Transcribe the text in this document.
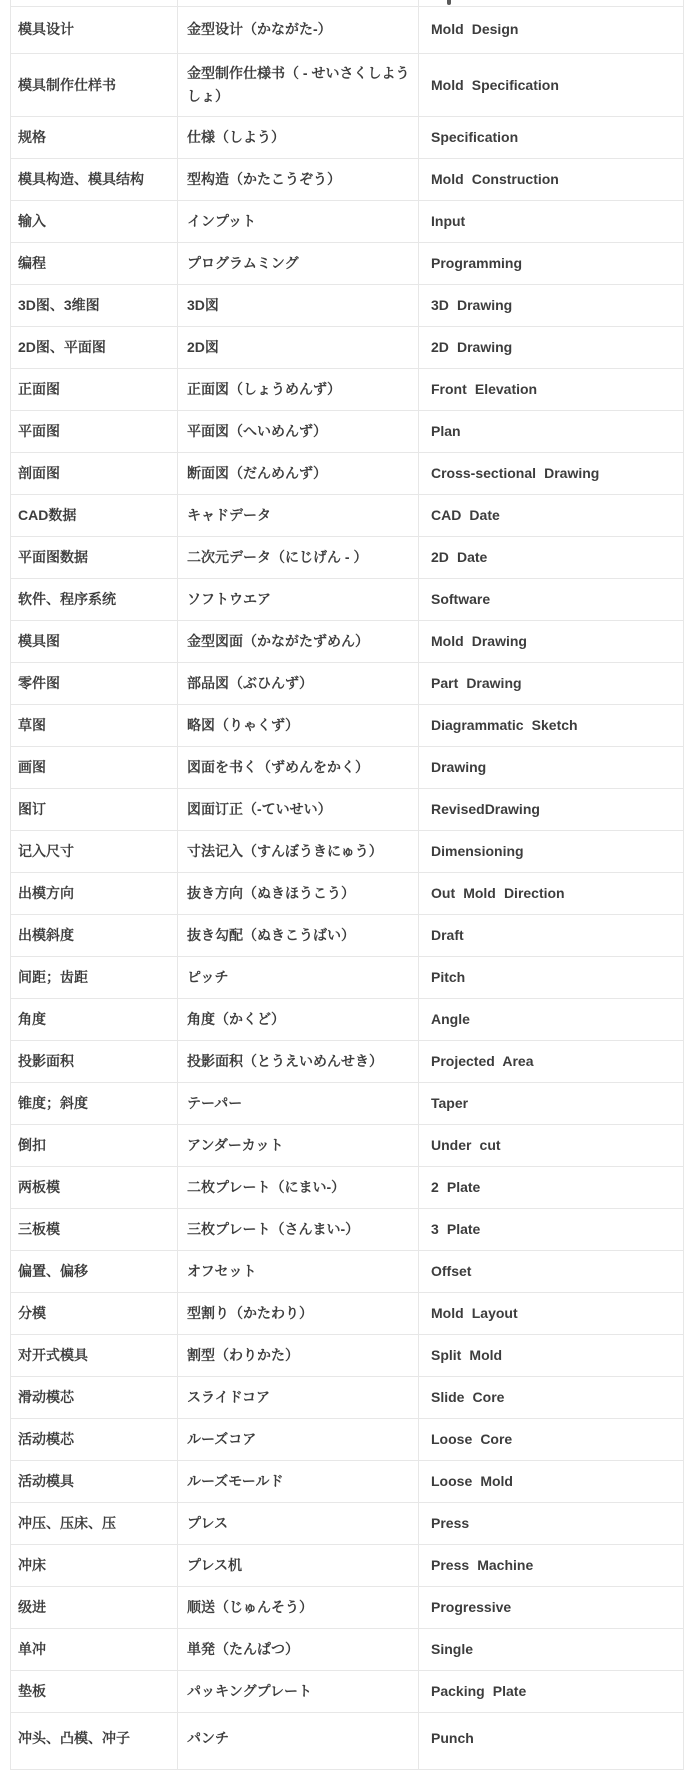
模具设计	金型设计（かながた-）	Mold Design
模具制作仕样书	金型制作仕様书（ - せいさくしようしょ）	Mold Specification
规格	仕様（しよう）	Specification
模具构造、模具结构	型构造（かたこうぞう）	Mold Construction
输入	インプット	Input
编程	プログラムミング	Programming
3D图、3维图	3D図	3D Drawing
2D图、平面图	2D図	2D Drawing
正面图	正面図（しょうめんず）	Front Elevation
平面图	平面図（へいめんず）	Plan
剖面图	断面図（だんめんず）	Cross-sectional Drawing
CAD数据	キャドデータ	CAD Date
平面图数据	二次元データ（にじげん - ）	2D Date
软件、程序系统	ソフトウエア	Software
模具图	金型図面（かながたずめん）	Mold Drawing
零件图	部品図（ぶひんず）	Part Drawing
草图	略図（りゃくず）	Diagrammatic Sketch
画图	図面を书く（ずめんをかく）	Drawing
图订	図面订正（-ていせい）	RevisedDrawing
记入尺寸	寸法记入（すんぼうきにゅう）	Dimensioning
出模方向	抜き方向（ぬきほうこう）	Out Mold Direction
出模斜度	抜き勾配（ぬきこうばい）	Draft
间距；齿距	ピッチ	Pitch
角度	角度（かくど）	Angle
投影面积	投影面积（とうえいめんせき）	Projected Area
锥度；斜度	テーパー	Taper
倒扣	アンダーカット	Under cut
两板模	二枚プレート（にまい-）	2 Plate
三板模	三枚プレート（さんまい-）	3 Plate
偏置、偏移	オフセット	Offset
分模	型割り（かたわり）	Mold Layout
对开式模具	割型（わりかた）	Split Mold
滑动模芯	スライドコア	Slide Core
活动模芯	ルーズコア	Loose Core
活动模具	ルーズモールド	Loose Mold
冲压、压床、压	プレス	Press
冲床	プレス机	Press Machine
级进	顺送（じゅんそう）	Progressive
单冲	単発（たんぱつ）	Single
垫板	パッキングプレート	Packing Plate
冲头、凸模、冲子	パンチ	Punch
